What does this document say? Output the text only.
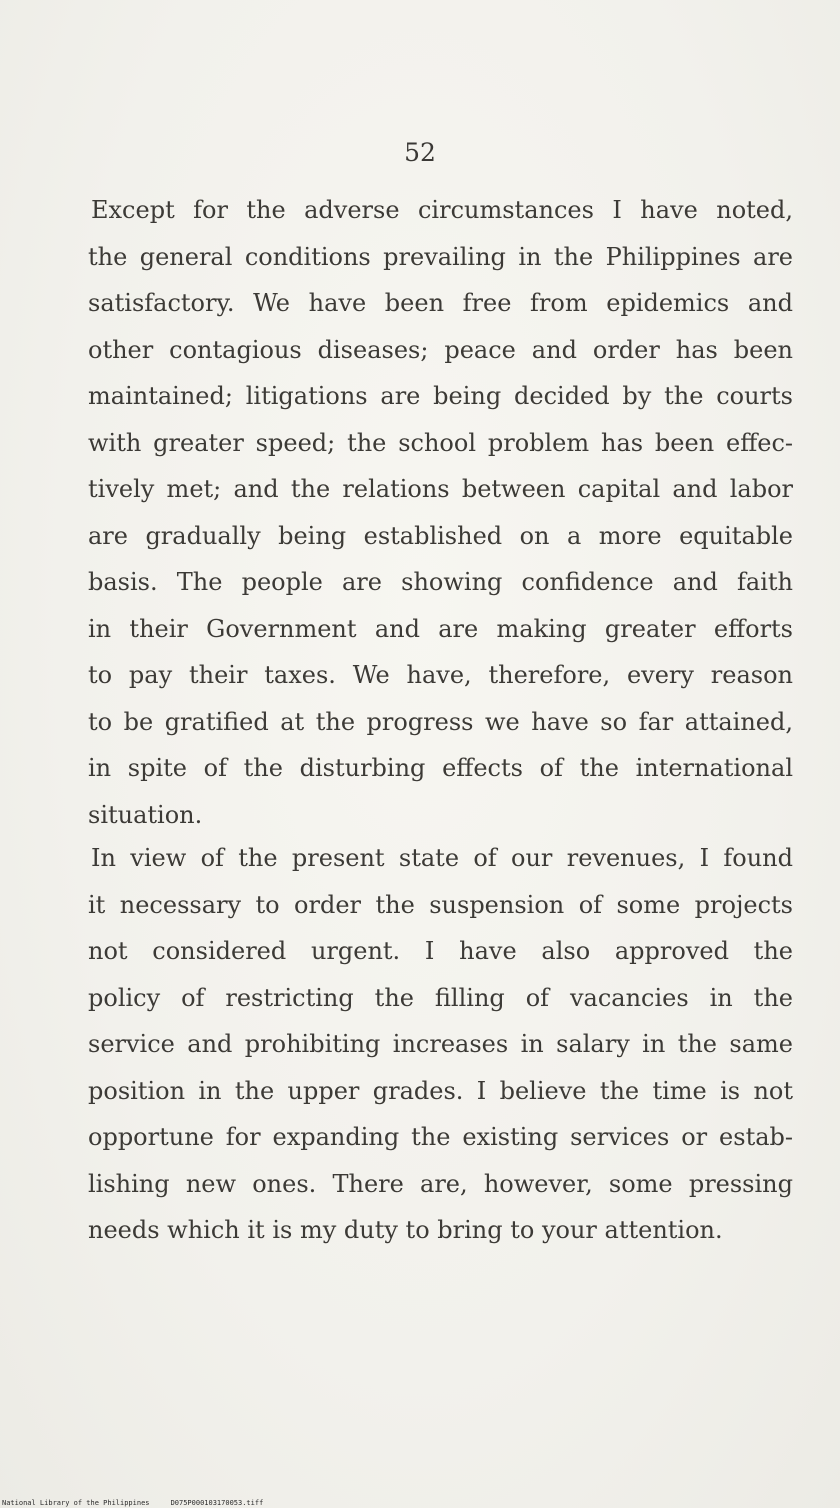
52
Except for the adverse circumstances I have noted,
the general conditions prevailing in the Philippines are
satisfactory. We have been free from epidemics and
other contagious diseases; peace and order has been
maintained; litigations are being decided by the courts
with greater speed; the school problem has been effec-
tively met; and the relations between capital and labor
are gradually being established on a more equitable
basis. The people are showing confidence and faith
in their Government and are making greater efforts
to pay their taxes. We have, therefore, every reason
to be gratified at the progress we have so far attained,
in spite of the disturbing effects of the international
situation.
In view of the present state of our revenues, I found
it necessary to order the suspension of some projects
not considered urgent. I have also approved the
policy of restricting the filling of vacancies in the
service and prohibiting increases in salary in the same
position in the upper grades. I believe the time is not
opportune for expanding the existing services or estab-
lishing new ones. There are, however, some pressing
needs which it is my duty to bring to your attention.
National Library of the Philippines     D075P000103170053.tiff
